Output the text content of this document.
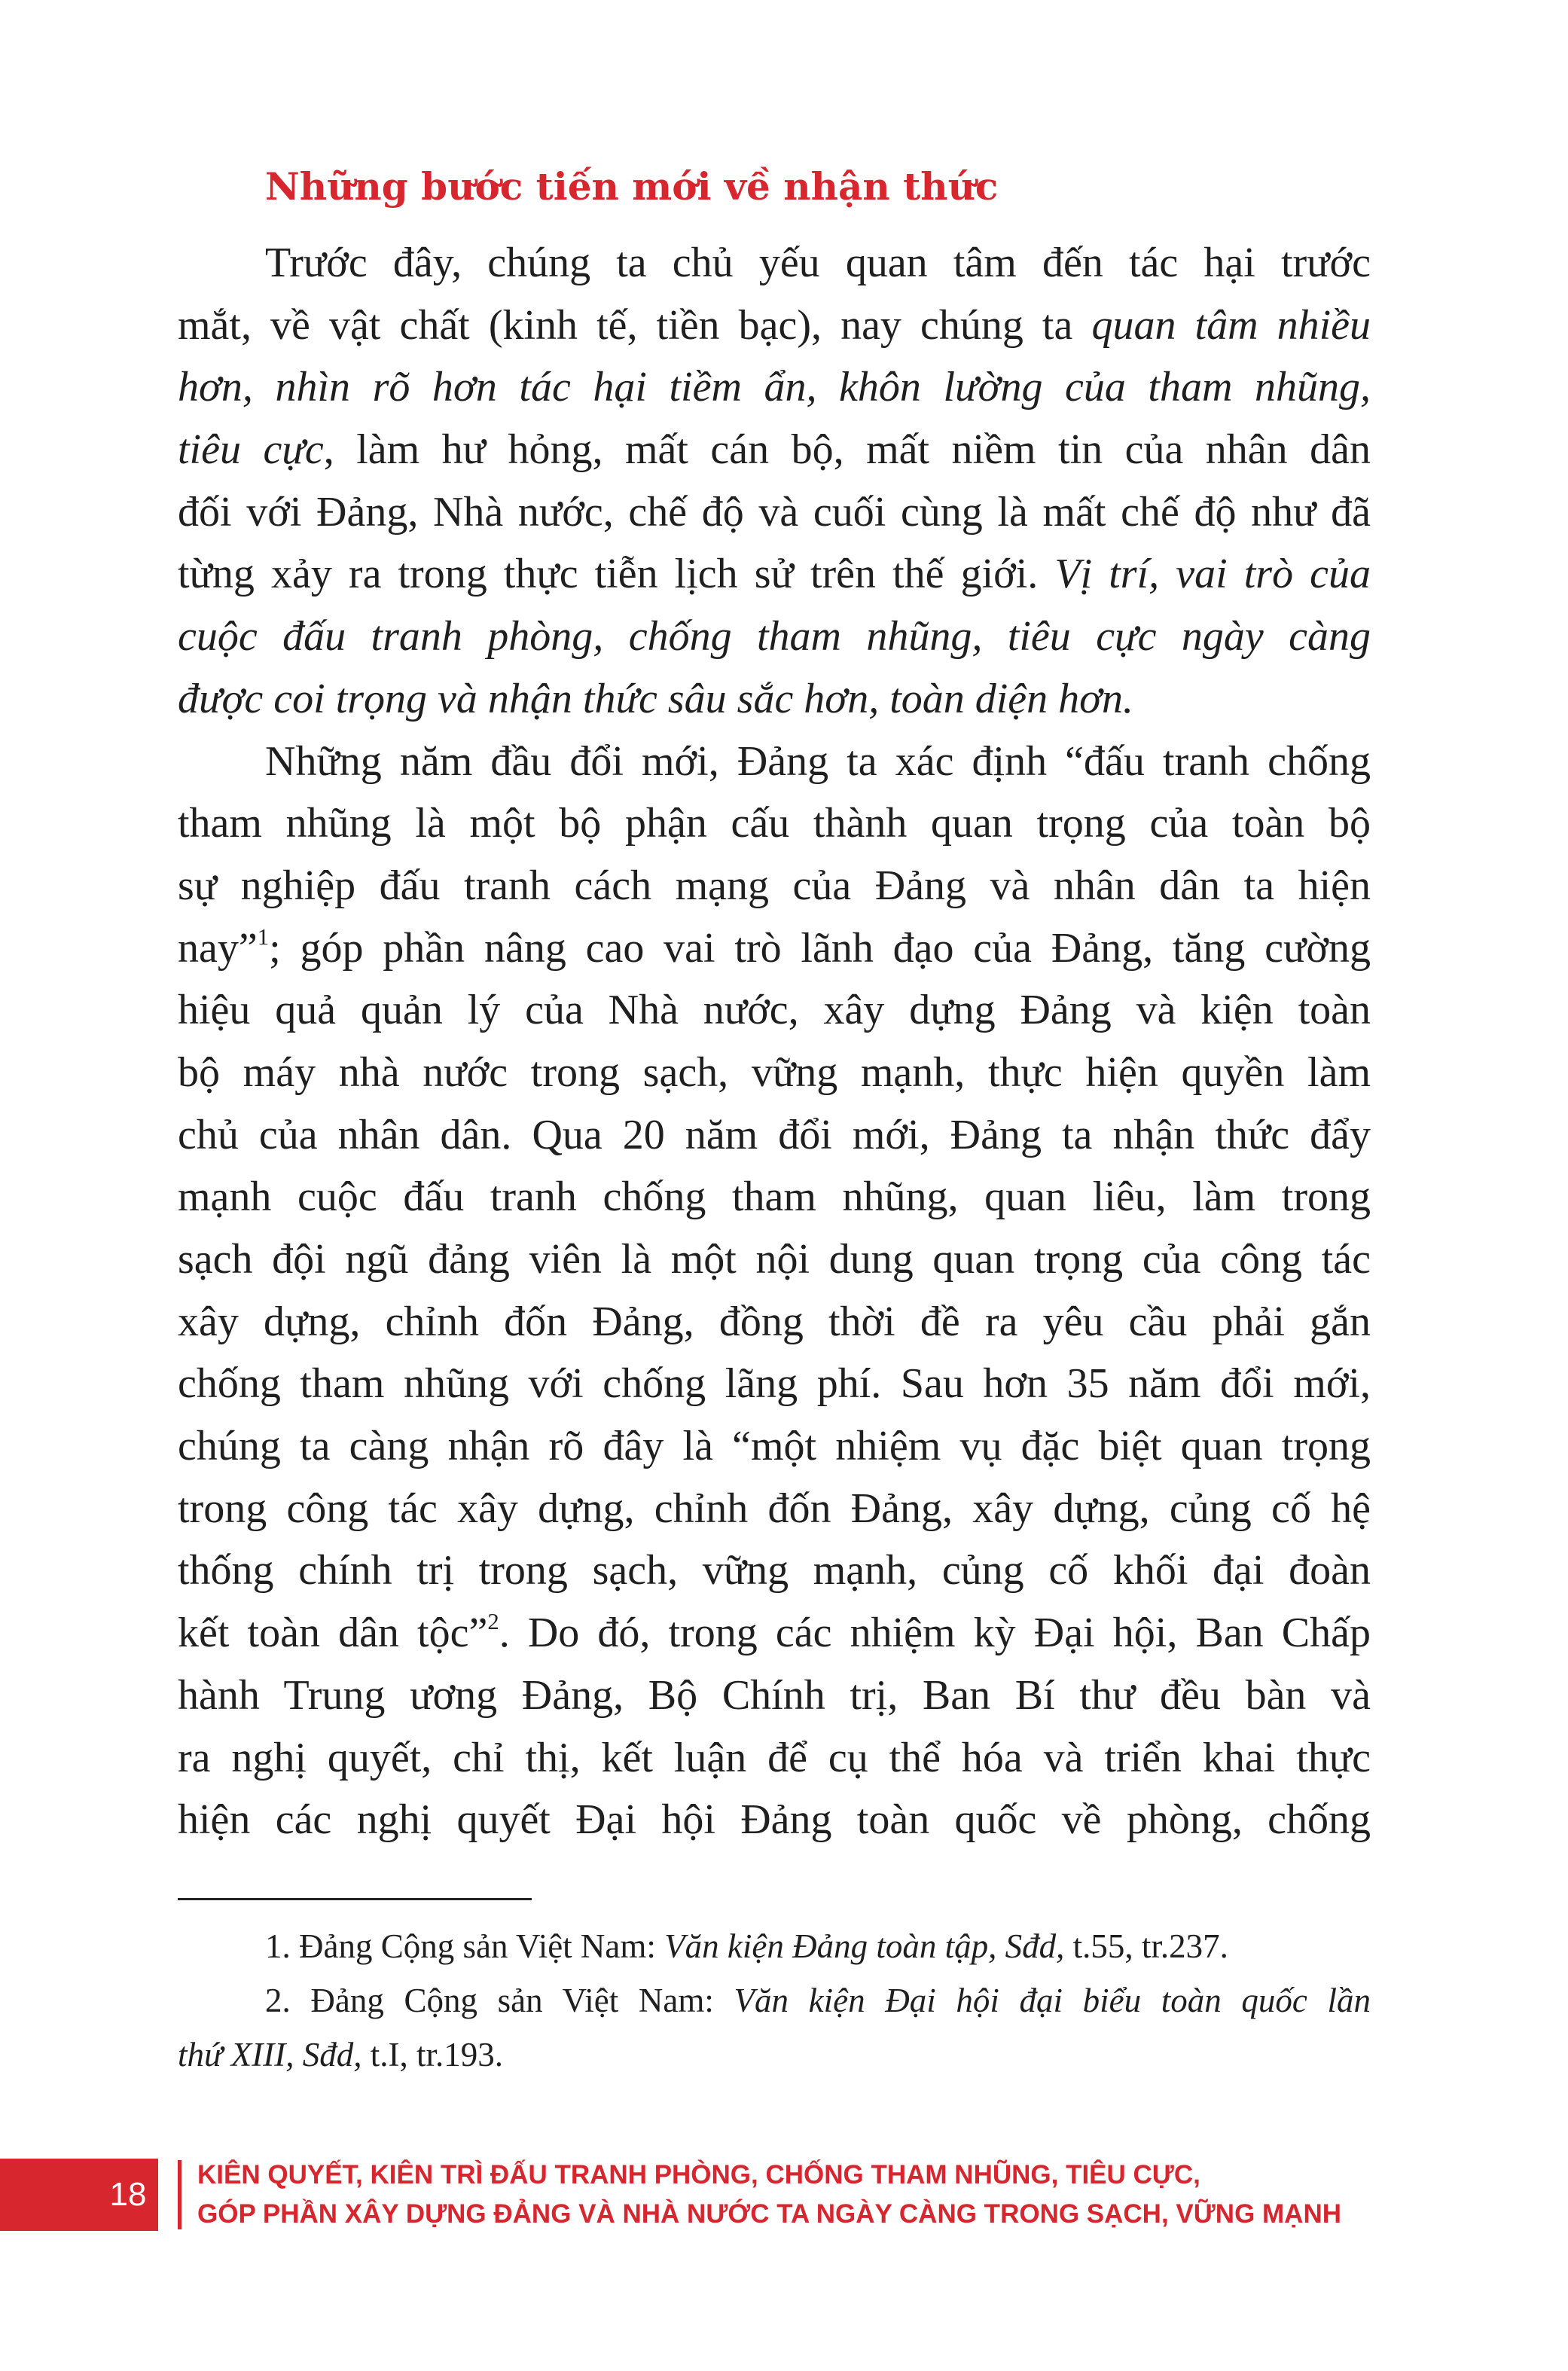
Những bước tiến mới về nhận thức
Trước đây, chúng ta chủ yếu quan tâm đến tác hại trước
mắt, về vật chất (kinh tế, tiền bạc), nay chúng ta quan tâm nhiều
hơn, nhìn rõ hơn tác hại tiềm ẩn, khôn lường của tham nhũng,
tiêu cực, làm hư hỏng, mất cán bộ, mất niềm tin của nhân dân
đối với Đảng, Nhà nước, chế độ và cuối cùng là mất chế độ như đã
từng xảy ra trong thực tiễn lịch sử trên thế giới. Vị trí, vai trò của
cuộc đấu tranh phòng, chống tham nhũng, tiêu cực ngày càng
được coi trọng và nhận thức sâu sắc hơn, toàn diện hơn.
Những năm đầu đổi mới, Đảng ta xác định “đấu tranh chống
tham nhũng là một bộ phận cấu thành quan trọng của toàn bộ
sự nghiệp đấu tranh cách mạng của Đảng và nhân dân ta hiện
nay”$^1$; góp phần nâng cao vai trò lãnh đạo của Đảng, tăng cường
hiệu quả quản lý của Nhà nước, xây dựng Đảng và kiện toàn
bộ máy nhà nước trong sạch, vững mạnh, thực hiện quyền làm
chủ của nhân dân. Qua 20 năm đổi mới, Đảng ta nhận thức đẩy
mạnh cuộc đấu tranh chống tham nhũng, quan liêu, làm trong
sạch đội ngũ đảng viên là một nội dung quan trọng của công tác
xây dựng, chỉnh đốn Đảng, đồng thời đề ra yêu cầu phải gắn
chống tham nhũng với chống lãng phí. Sau hơn 35 năm đổi mới,
chúng ta càng nhận rõ đây là “một nhiệm vụ đặc biệt quan trọng
trong công tác xây dựng, chỉnh đốn Đảng, xây dựng, củng cố hệ
thống chính trị trong sạch, vững mạnh, củng cố khối đại đoàn
kết toàn dân tộc”$^2$. Do đó, trong các nhiệm kỳ Đại hội, Ban Chấp
hành Trung ương Đảng, Bộ Chính trị, Ban Bí thư đều bàn và
ra nghị quyết, chỉ thị, kết luận để cụ thể hóa và triển khai thực
hiện các nghị quyết Đại hội Đảng toàn quốc về phòng, chống
1. Đảng Cộng sản Việt Nam: Văn kiện Đảng toàn tập, Sđd, t.55, tr.237.
2. Đảng Cộng sản Việt Nam: Văn kiện Đại hội đại biểu toàn quốc lần
thứ XIII, Sđd, t.I, tr.193.
18
KIÊN QUYẾT, KIÊN TRÌ ĐẤU TRANH PHÒNG, CHỐNG THAM NHŨNG, TIÊU CỰC,
GÓP PHẦN XÂY DỰNG ĐẢNG VÀ NHÀ NƯỚC TA NGÀY CÀNG TRONG SẠCH, VỮNG MẠNH
